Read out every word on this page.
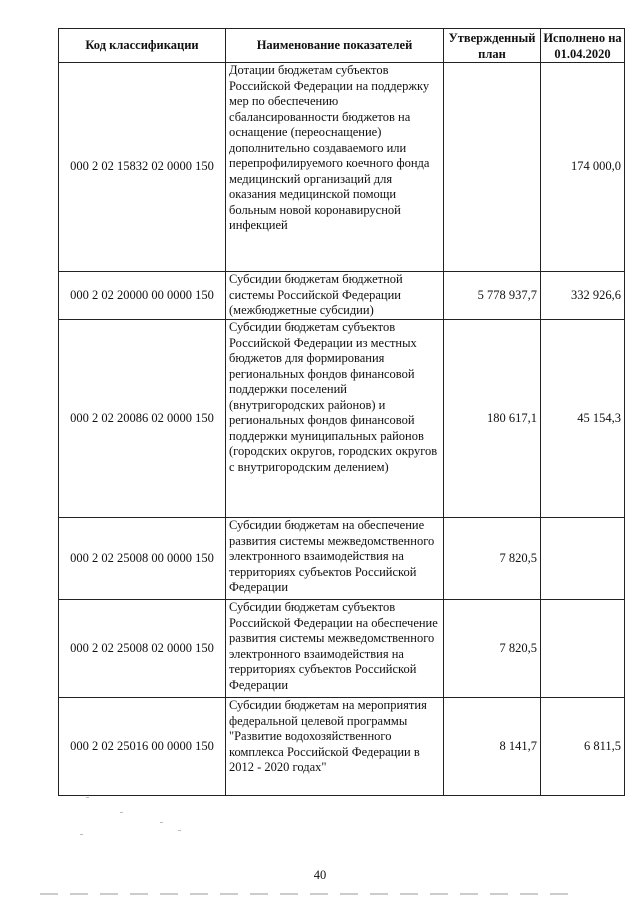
Код классификации	Наименование показателей	Утвержденный план	Исполнено на 01.04.2020
000 2 02 15832 02 0000 150	Дотации бюджетам субъектов Российской Федерации на поддержку мер по обеспечению сбалансированности бюджетов на оснащение (переоснащение) дополнительно создаваемого или перепрофилируемого коечного фонда медицинский организаций для оказания медицинской помощи больным новой коронавирусной инфекцией		174 000,0
000 2 02 20000 00 0000 150	Субсидии бюджетам бюджетной системы Российской Федерации (межбюджетные субсидии)	5 778 937,7	332 926,6
000 2 02 20086 02 0000 150	Субсидии бюджетам субъектов Российской Федерации из местных бюджетов для формирования региональных фондов финансовой поддержки поселений (внутригородских районов) и региональных фондов финансовой поддержки муниципальных районов (городских округов, городских округов с внутригородским делением)	180 617,1	45 154,3
000 2 02 25008 00 0000 150	Субсидии бюджетам на обеспечение развития системы межведомственного электронного взаимодействия на территориях субъектов Российской Федерации	7 820,5	
000 2 02 25008 02 0000 150	Субсидии бюджетам субъектов Российской Федерации на обеспечение развития системы межведомственного электронного взаимодействия на территориях субъектов Российской Федерации	7 820,5	
000 2 02 25016 00 0000 150	Субсидии бюджетам на мероприятия федеральной целевой программы "Развитие водохозяйственного комплекса Российской Федерации в 2012 - 2020 годах"	8 141,7	6 811,5
40
